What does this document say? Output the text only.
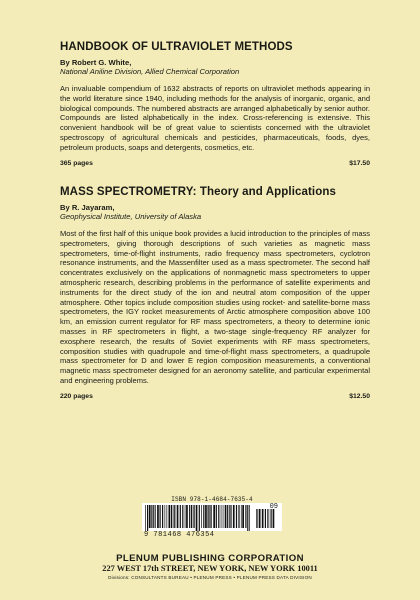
HANDBOOK OF ULTRAVIOLET METHODS
By Robert G. White,
National Aniline Division, Allied Chemical Corporation

An invaluable compendium of 1632 abstracts of reports on ultraviolet methods appearing in the world literature since 1940, including methods for the analysis of inorganic, organic, and biological compounds. The numbered abstracts are arranged alphabetically by senior author. Compounds are listed alphabetically in the index. Cross-referencing is extensive. This convenient handbook will be of great value to scientists concerned with the ultraviolet spectroscopy of agricultural chemicals and pesticides, pharmaceuticals, foods, dyes, petroleum products, soaps and detergents, cosmetics, etc.

365 pages	$17.50
MASS SPECTROMETRY: Theory and Applications
By R. Jayaram,
Geophysical Institute, University of Alaska

Most of the first half of this unique book provides a lucid introduction to the principles of mass spectrometers, giving thorough descriptions of such varieties as magnetic mass spectrometers, time-of-flight instruments, radio frequency mass spectrometers, cyclotron resonance instruments, and the Massenfilter used as a mass spectrometer. The second half concentrates exclusively on the applications of nonmagnetic mass spectrometers to upper atmospheric research, describing problems in the performance of satellite experiments and instruments for the direct study of the ion and neutral atom composition of the upper atmosphere. Other topics include composition studies using rocket- and satellite-borne mass spectrometers, the IGY rocket measurements of Arctic atmosphere composition above 100 km, an emission current regulator for RF mass spectrometers, a theory to determine ionic masses in RF spectrometers in flight, a two-stage single-frequency RF analyzer for exosphere research, the results of Soviet experiments with RF mass spectrometers, composition studies with quadrupole and time-of-flight mass spectrometers, a quadrupole mass spectrometer for D and lower E region composition measurements, a conventional magnetic mass spectrometer designed for an aeronomy satellite, and particular experimental and engineering problems.

220 pages	$12.50
ISBN 978-1-4684-7635-4
9 781468 476354
09
PLENUM PUBLISHING CORPORATION
227 WEST 17th STREET, NEW YORK, NEW YORK 10011
Divisions: CONSULTANTS BUREAU • PLENUM PRESS • PLENUM PRESS DATA DIVISION
